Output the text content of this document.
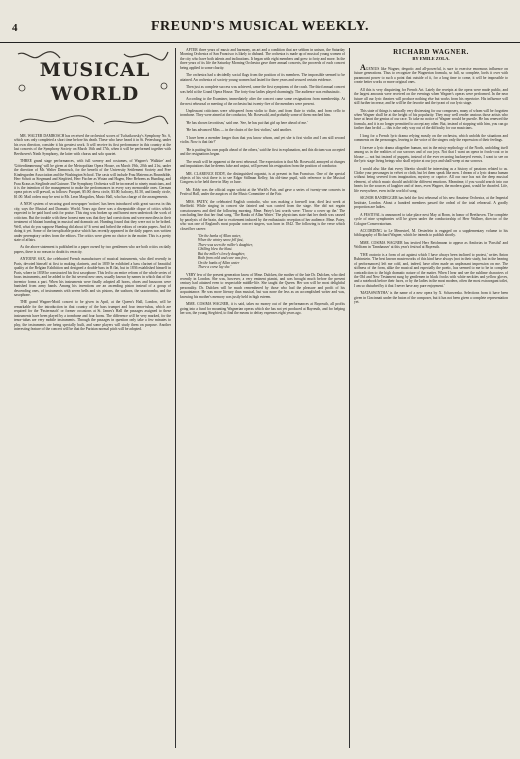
4	FREUND'S MUSICAL WEEKLY.
MUSICAL
WORLD

MR. WALTER DAMROSCH has received the orchestral scores of Tschaikowsky's Symphony No. 6, which was only completed a short time before his death. These who have heard it in St. Petersburg, under his own direction, consider it his greatest work. It will receive its first performance in this country at the last concerts of the Symphony Society on March 16th and 17th, when it will be performed together with Beethoven's Ninth Symphony, the latter with chorus and solo quartet.

THREE grand stage performances, with full scenery and costumes, of Wagner's 'Walküre' and 'Götterdämmerung' will be given at the Metropolitan Opera House, on March 19th, 20th and 21st, under the direction of Mr. Walter Damrosch, for the benefit of the University Settlement Society and Free Kindergarden Association and the Washington School. The casts will include Frau Materna as Brunnhilde, Herr Schott as Siegmund and Siegfried, Herr Fischer as Wotan and Hagen, Herr Behrens as Hunding, and Frau Kraus as Sieglinde and Gutrune. The Symphony Orchestra will be increased to ninety musicians, and it is the intention of the management to make the performances in every way memorable ones. German opera prices will prevail, as follows: Parquet, $5.00; dress circle, $3.00; balcony, $1.50, and family circle, $1.00. Mail orders may be sent to Mr. Leon Margulies, Music Hall, who has charge of the arrangements.

A NEW system of securing good newspaper 'notices' has been introduced with great success in this city, says the Musical and Dramatic World. Years ago there was a disreputable clique of critics which expected to be paid hard cash for praise. This ring was broken up and honest men undertook the work of criticism. But the trouble with these honest men was that they had convictions and were merciless in their treatment of blatant humbug in musical and dramatic art. Humbug found that they were not to be bribed. Well, what do you suppose Humbug did about it? It went and bribed the editors of certain papers. And it's doing it yet. Some of the inexplicable praise which has recently appeared in the daily papers was written under peremptory orders from the editors. The critics were given no choice in the matter. This is a pretty state of affairs.

As the above statement is published in a paper owned by two gentlemen who are both critics on daily papers, there is no reason to doubt its veracity.

ANTOINE SAX, the celebrated French manufacturer of musical instruments, who died recently in Paris, devoted himself at first to making clarinets, and in 1839 he exhibited a bass clarinet of beautiful quality at the Belgian Exhibition and designed a double-bass in B flat, but in 1836 established himself in Paris, where in 1838 he constructed his first saxophone. This led to an entire reform of the whole series of brass instruments, and he added to the list several new ones, usually known by names in which that of the inventor forms a part. When his instruments were finally adopted all horns, oboes and bassoons were banished from army bands. Among his inventions are an ascending piston instead of a group of descending ones, of instruments with seven bells and six pistons, the saxhorn, the saxotromba, and the saxophone.

THE grand Wagner-Mottl concert to be given in April, at the Queen's Hall, London, will be remarkable for the introduction in that country of the bass trumpet and four tenor-tubas, which are required for the 'Fasternusch' or former occasions at St. James's Hall the passages assigned to these instruments have been played by a trombone and four horns. The difference will be very marked, for the tenor-tubas are very mobile instruments. Through the passages in question only take a few minutes to play, the instruments are being specially built, and some players will study them on purpose. Another interesting feature of the concert will be that the Parisian normal pitch will be adopted.

AFTER three years of music and harmony, an art and a condition that are seldom in unison, the Saturday Morning Orchestra of San Francisco is likely to disband. The orchestra is made up of musical young women of the city who have both talents and inclinations. It began with eight members and grew to forty and more. In the three years of its life the Saturday Morning Orchestra gave three annual concerts, the proceeds of each concert being applied to some charity.

The orchestra had a decidedly social flags from the position of its members. The impossible seemed to be attained. An orchestra of society young women had lasted for three years and secured certain evidence.

Then just as complete success was achieved, came the first symptoms of the crash. The third annual concert was held at the Grand Opera House. The forty-four ladies played charmingly. The audience was enthusiastic.

According to the Examiner, immediately after the concert came some resignations from membership. At the next rehearsal or meeting of the orchestra but twenty-five of the members were present.

Unpleasant criticisms were whispered from violin to flute, and from flute to violin, and from cello to trombone. They were aimed at the conductor, Mr. Rosewald, and probably some of them reached him.

'He has shown favoritism,' said one. 'See, he has put that girl up here ahead of me.'

'He has advanced Miss — in the chairs of the first violins,' said another.

'I have been a member longer than that you know whom, and yet she is first violin and I am still second violin. Now is that fair?'

'He is putting his own pupils ahead of the others,' said the first in explanation, and this dictum was accepted and the resignations began.

The result will be apparent at the next rehearsal. The expectation is that Mr. Rosewald, annoyed at charges and imputations that he deems false and unjust, will present his resignation from the position of conductor.

MR. CLARENCE EDDY, the distinguished organist, is at present in San Francisco. One of the special objects of his visit there is to see Edgar Stillman Kelley, his old-time pupil, with reference to the Musical Congress to be held there in May or June.

Mr. Eddy was the official organ soloist at the World's Fair, and gave a series of twenty-one concerts in Festival Hall, under the auspices of the Music Committee of the Fair.

MRS. PATEY, the celebrated English contralto, who was making a farewell tour, died last week at Sheffield. While singing in concert she fainted and was carried from the stage. She did not regain consciousness and died the following morning. Mme. Patey's last words were: 'Throw a cover up the.' The concluding line that her final song, 'The Banks of Allan Water.' The physicians state that her death was caused by paralysis of the brain, due to excitement induced by the enthusiastic reception of her audience. Mme. Patey, who was one of England's most popular concert singers, was born in 1842. The following is the verse which closed her career:

'On the banks of Allan water,
When the wintry snow fell fast,
There was seen the miller's daughter,
Chilling blew the blast.
But the miller's lovely daughter,
Both from cold and care was free,
On the banks of Allan water
There a corse lay she.'

VERY few of the present generation know of Mme. Dulcken, the mother of the late Dr. Dulcken, who died recently in London. She was, however, a very eminent pianist, and was brought much before the present century had attained even to respectable middle-life. She taught the Queen. Her son will be most delightful personality. Dr. Dulcken will be much remembered by those who had the pleasure and profit of his acquaintance. He was more literary than musical, but was none the less as an accomplished writer and was, knowing his mother's memory was justly held in high esteem.

MME. COSIMA WAGNER, it is said, takes no money out of the performances at Bayreuth, all profits going into a fund for mounting Wagnerian operas which she has not yet produced at Bayreuth, and for helping her son, the young Siegfried, to find the means to defray expenses eight years ago.

RICHARD WAGNER.
BY EMILE ZOLA.

AGENIUS like Wagner, despotic and all-powerful, is sure to exercise enormous influence on future generations. Thus to recognize the Wagnerian formula, so full, so complete, lords it over with paramount power to such a point that outside of it, for a long time to come, it will be impossible to create better works or more original ones.

All this is very disquieting for French Art. Lately the receipts at the opera were made public, and the largest amounts were received on the evenings when Wagner's operas were performed. In the near future all our lyric theatres will produce nothing else but works from his repertoire. His influence will still further increase, and he will be the favorite and the tyrant of our lyric stage.

This state of things is naturally very distressing for our composers, many of whom will be forgotten when Wagner shall be at the height of his popularity. They may well render anxious those artists who have at heart the genius of our race. To take no notice of Wagner would be puerile. He has renewed the formula, and it is no longer permitted to accept any other. But, instead of stopping with him, you can go farther than he did — this is the only way out of the difficulty for our musicians.

I long for a French lyric drama relying mostly on the orchestra, which unfolds the situations and comments on the personages, leaving to the voice of the singers only the expression of their feelings.

I foresee a lyric drama altogether human, not in the misty mythology of the North, unfolding itself among us in the realities of our sorrows and of our joys. Not that I want an opera in frock-coat or in blouse — not but instead of puppets, instead of the ever recurring hackneyed events, I want to see on the lyric stage living beings who shall rejoice at our joys and shall weep at our sorrows.

I would also like that every libretto should be interesting as a history of passions related to us. Clothe your personages in velvet or cloth, but let them speak like men. I dream of a lyric drama human without being severed from imagination, mystery or caprice. All our race has not the deep musical element, of which music should unfold the different emotions. Meantime, if you would search into our hearts for the sources of laughter and of tears, even Wagner, the modern giant, would be dwarfed. Life, life everywhere, even in the world of song.

SIGNOR RANDEGGER has held the first rehearsal of his new Amateur Orchestra, at the Imperial Institute, London. About a hundred members passed the ordeal of the total rehearsal. A goodly proportion are ladies.

A FESTIVAL is announced to take place next May at Bonn, in honor of Beethoven. The complete cycle of nine symphonies will be given under the conductorship of Herr Wullner, director of the Cologne Conservatorium.

ACCORDING to Le Menestrel, M. Oesterlein is engaged on a supplementary volume to his bibliography of Richard Wagner, which he intends to publish shortly.

MME. COSIMA WAGNER has invited Herr Reichmann to appear as Amfortas in 'Parsifal' and Wolfram in 'Tannhauser' at this year's festival at Bayreuth.

'THE oratorio is a form of art against which I have always been inclined to protest,' writes Anton Rubinstein. 'The best known masterworks of this kind have always (not in their study, but in the hearing of performances) left me cold, and, indeed, have often made an unpleasant impression on me. The stiffness of the form, alike the musical and especially the poetic, has seemed to me to be in complete contradiction to the high dramatic nature of the matter. When I hear and see the sublime characters of the Old and New Testament sung by gentlemen in black frocks with white neckties and yellow gloves, and a notebook before their faces, or by the ladies in the most modern, often the most extravagant toilet, I am so disturbed by it that I never have any pure enjoyment.'

'MATASWINTHA' is the name of a new opera by X. Scharwenka. Selections from it have been given in Cincinnati under the baton of the composer, but it has not been given a complete representation yet.
